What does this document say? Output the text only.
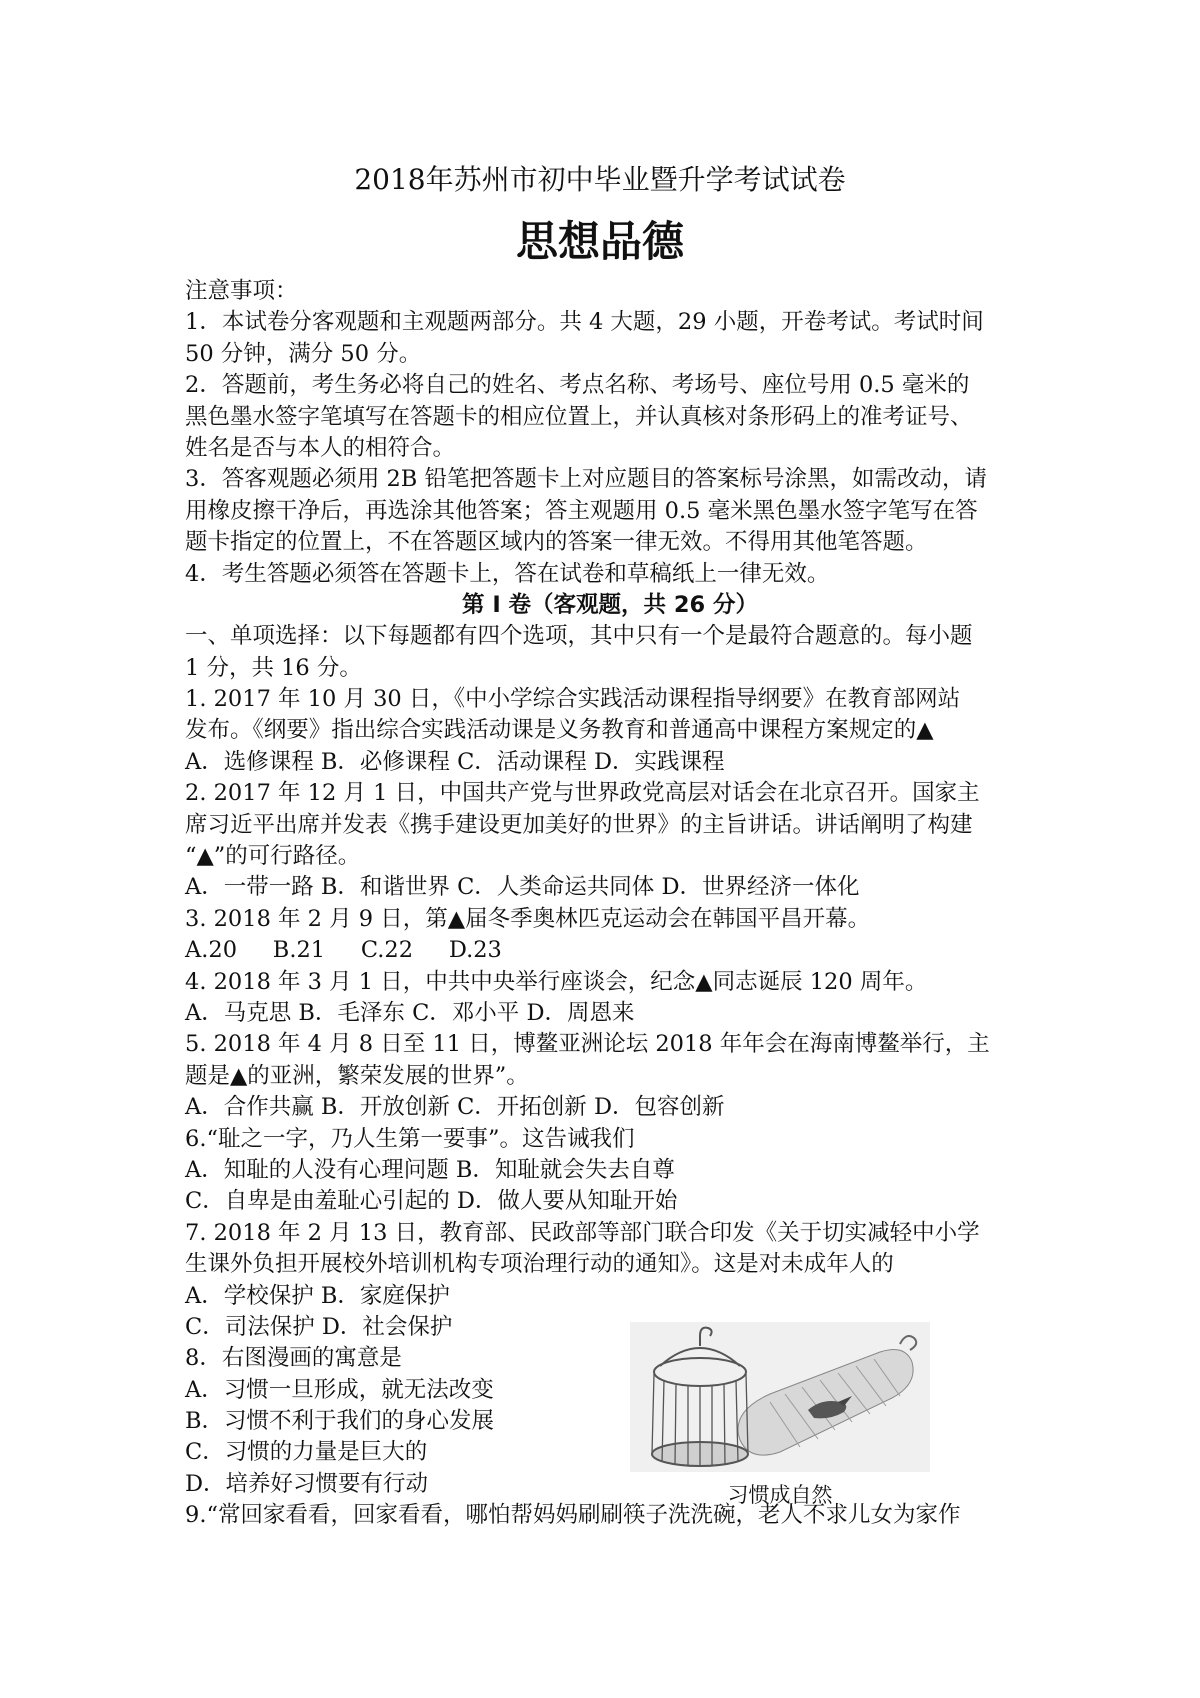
2018年苏州市初中毕业暨升学考试试卷
思想品德
注意事项：
1．本试卷分客观题和主观题两部分。共 4 大题，29 小题，开卷考试。考试时间
50 分钟，满分 50 分。
2．答题前，考生务必将自己的姓名、考点名称、考场号、座位号用 0.5 毫米的
黑色墨水签字笔填写在答题卡的相应位置上，并认真核对条形码上的准考证号、
姓名是否与本人的相符合。
3．答客观题必须用 2B 铅笔把答题卡上对应题目的答案标号涂黑，如需改动，请
用橡皮擦干净后，再选涂其他答案；答主观题用 0.5 毫米黑色墨水签字笔写在答
题卡指定的位置上，不在答题区域内的答案一律无效。不得用其他笔答题。
4．考生答题必须答在答题卡上，答在试卷和草稿纸上一律无效。
第 I 卷（客观题，共 26 分）
一、单项选择：以下每题都有四个选项，其中只有一个是最符合题意的。每小题
1 分，共 16 分。
1. 2017 年 10 月 30 日，《中小学综合实践活动课程指导纲要》在教育部网站
发布。《纲要》指出综合实践活动课是义务教育和普通高中课程方案规定的▲
A．选修课程 B．必修课程 C．活动课程 D．实践课程
2. 2017 年 12 月 1 日，中国共产党与世界政党高层对话会在北京召开。国家主
席习近平出席并发表《携手建设更加美好的世界》的主旨讲话。讲话阐明了构建
“▲”的可行路径。
A．一带一路 B．和谐世界 C．人类命运共同体 D．世界经济一体化
3. 2018 年 2 月 9 日，第▲届冬季奥林匹克运动会在韩国平昌开幕。
A.20     B.21     C.22     D.23
4. 2018 年 3 月 1 日，中共中央举行座谈会，纪念▲同志诞辰 120 周年。
A．马克思 B．毛泽东 C．邓小平 D．周恩来
5. 2018 年 4 月 8 日至 11 日，博鳌亚洲论坛 2018 年年会在海南博鳌举行，主
题是▲的亚洲，繁荣发展的世界”。
A．合作共赢 B．开放创新 C．开拓创新 D．包容创新
6.“耻之一字，乃人生第一要事”。这告诫我们
A．知耻的人没有心理问题 B．知耻就会失去自尊
C．自卑是由羞耻心引起的 D．做人要从知耻开始
7. 2018 年 2 月 13 日，教育部、民政部等部门联合印发《关于切实减轻中小学
生课外负担开展校外培训机构专项治理行动的通知》。这是对未成年人的
A．学校保护 B．家庭保护
C．司法保护 D．社会保护
8．右图漫画的寓意是
A．习惯一旦形成，就无法改变
B．习惯不利于我们的身心发展
C．习惯的力量是巨大的
D．培养好习惯要有行动
9.“常回家看看，回家看看，哪怕帮妈妈刷刷筷子洗洗碗，老人不求儿女为家作
习惯成自然
